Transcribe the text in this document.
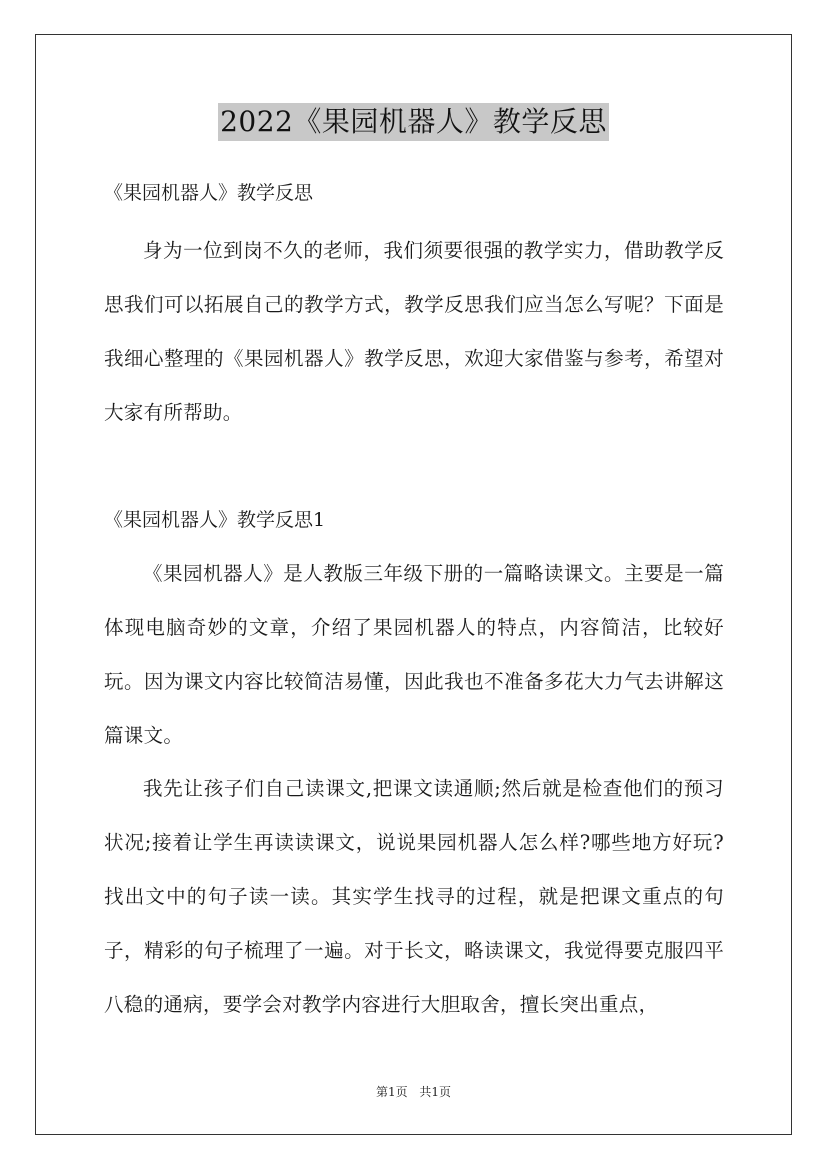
2022《果园机器人》教学反思
《果园机器人》教学反思

身为一位到岗不久的老师，我们须要很强的教学实力，借助教学反思我们可以拓展自己的教学方式，教学反思我们应当怎么写呢？下面是我细心整理的《果园机器人》教学反思，欢迎大家借鉴与参考，希望对大家有所帮助。

《果园机器人》教学反思1

《果园机器人》是人教版三年级下册的一篇略读课文。主要是一篇体现电脑奇妙的文章，介绍了果园机器人的特点，内容简洁，比较好玩。因为课文内容比较简洁易懂，因此我也不准备多花大力气去讲解这篇课文。

我先让孩子们自己读课文,把课文读通顺;然后就是检查他们的预习状况;接着让学生再读读课文，说说果园机器人怎么样?哪些地方好玩?找出文中的句子读一读。其实学生找寻的过程，就是把课文重点的句子，精彩的句子梳理了一遍。对于长文，略读课文，我觉得要克服四平八稳的通病，要学会对教学内容进行大胆取舍，擅长突出重点，

第1页 共1页
